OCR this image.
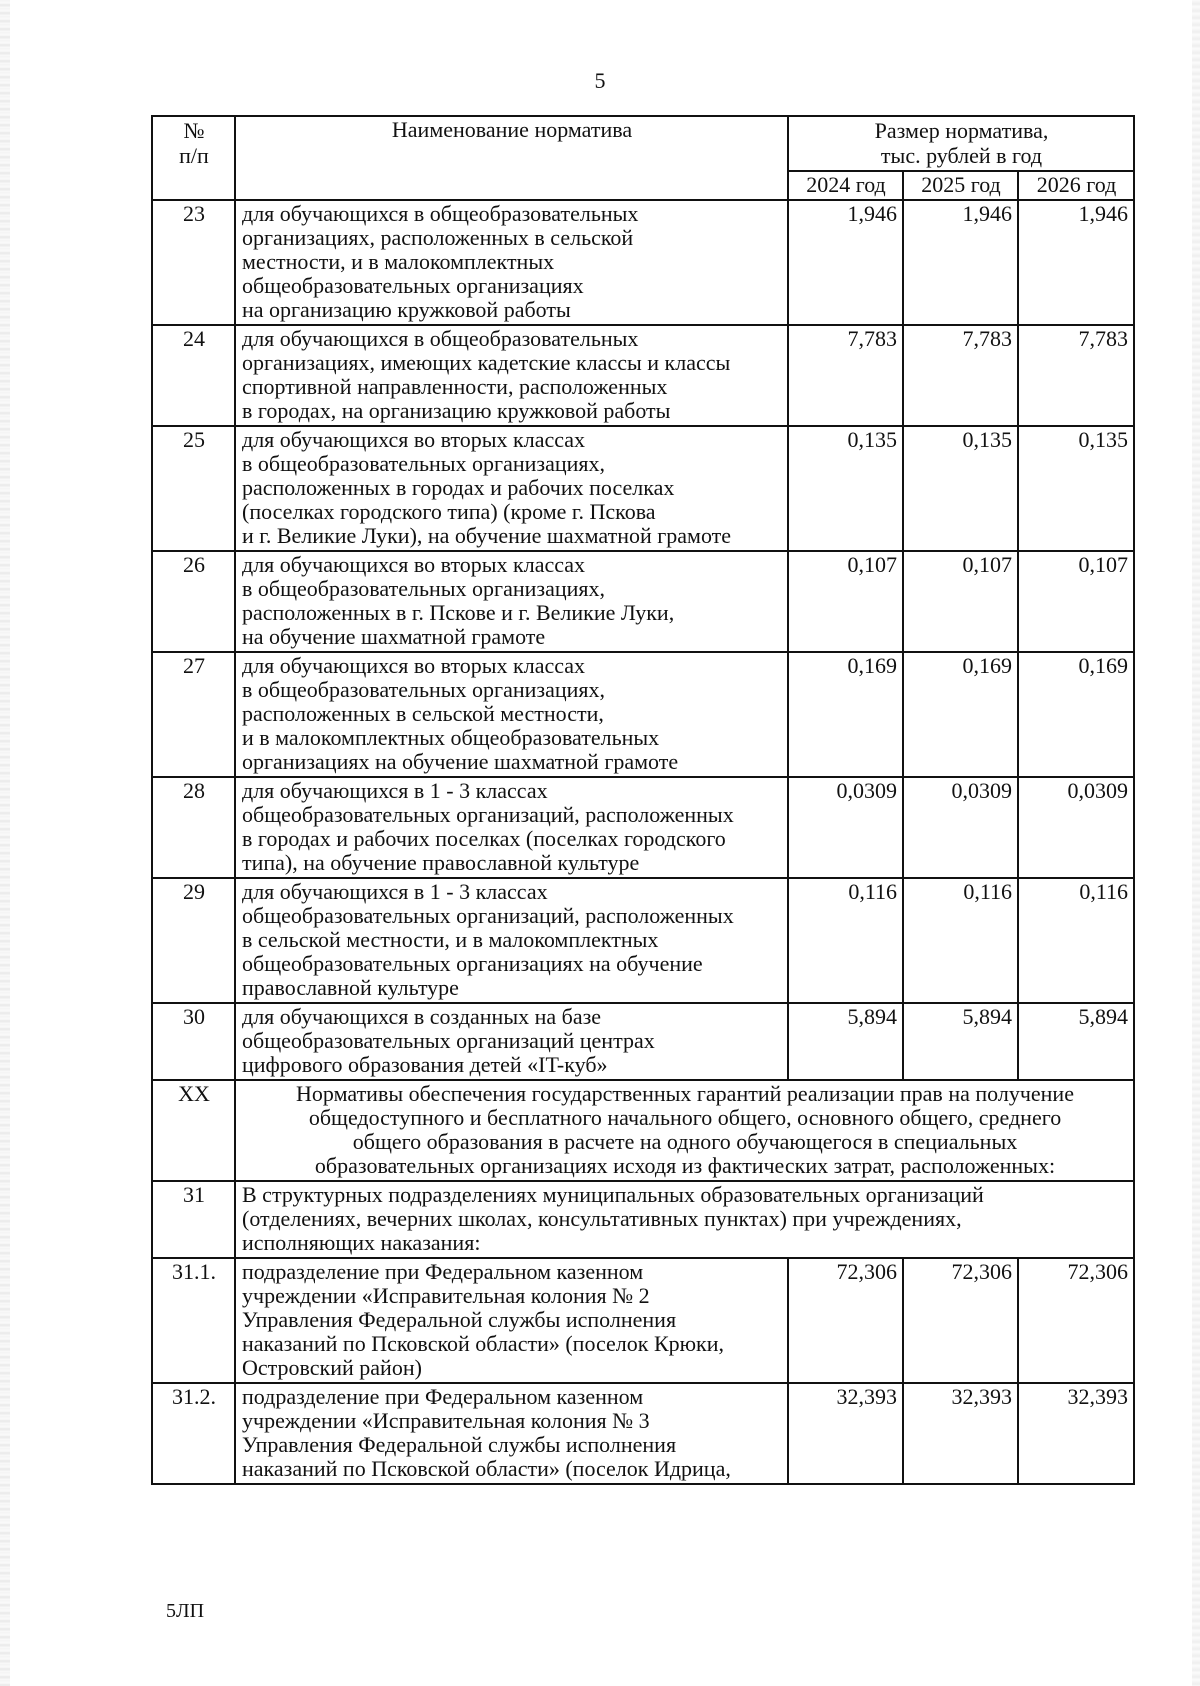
5
№
п/п	Наименование норматива	Размер норматива,
тыс. рублей в год		
		2024 год	2025 год	2026 год
23	для обучающихся в общеобразовательных
организациях, расположенных в сельской
местности, и в малокомплектных
общеобразовательных организациях
на организацию кружковой работы	1,946	1,946	1,946
24	для обучающихся в общеобразовательных
организациях, имеющих кадетские классы и классы
спортивной направленности, расположенных
в городах, на организацию кружковой работы	7,783	7,783	7,783
25	для обучающихся во вторых классах
в общеобразовательных организациях,
расположенных в городах и рабочих поселках
(поселках городского типа) (кроме г. Пскова
и г. Великие Луки), на обучение шахматной грамоте	0,135	0,135	0,135
26	для обучающихся во вторых классах
в общеобразовательных организациях,
расположенных в г. Пскове и г. Великие Луки,
на обучение шахматной грамоте	0,107	0,107	0,107
27	для обучающихся во вторых классах
в общеобразовательных организациях,
расположенных в сельской местности,
и в малокомплектных общеобразовательных
организациях на обучение шахматной грамоте	0,169	0,169	0,169
28	для обучающихся в 1 - 3 классах
общеобразовательных организаций, расположенных
в городах и рабочих поселках (поселках городского
типа), на обучение православной культуре	0,0309	0,0309	0,0309
29	для обучающихся в 1 - 3 классах
общеобразовательных организаций, расположенных
в сельской местности, и в малокомплектных
общеобразовательных организациях на обучение
православной культуре	0,116	0,116	0,116
30	для обучающихся в созданных на базе
общеобразовательных организаций центрах
цифрового образования детей «IT-куб»	5,894	5,894	5,894
XX	Нормативы обеспечения государственных гарантий реализации прав на получение
общедоступного и бесплатного начального общего, основного общего, среднего
общего образования в расчете на одного обучающегося в специальных
образовательных организациях исходя из фактических затрат, расположенных:			
31	В структурных подразделениях муниципальных образовательных организаций
(отделениях, вечерних школах, консультативных пунктах) при учреждениях,
исполняющих наказания:			
31.1.	подразделение при Федеральном казенном
учреждении «Исправительная колония № 2
Управления Федеральной службы исполнения
наказаний по Псковской области» (поселок Крюки,
Островский район)	72,306	72,306	72,306
31.2.	подразделение при Федеральном казенном
учреждении «Исправительная колония № 3
Управления Федеральной службы исполнения
наказаний по Псковской области» (поселок Идрица,	32,393	32,393	32,393
5ЛП
